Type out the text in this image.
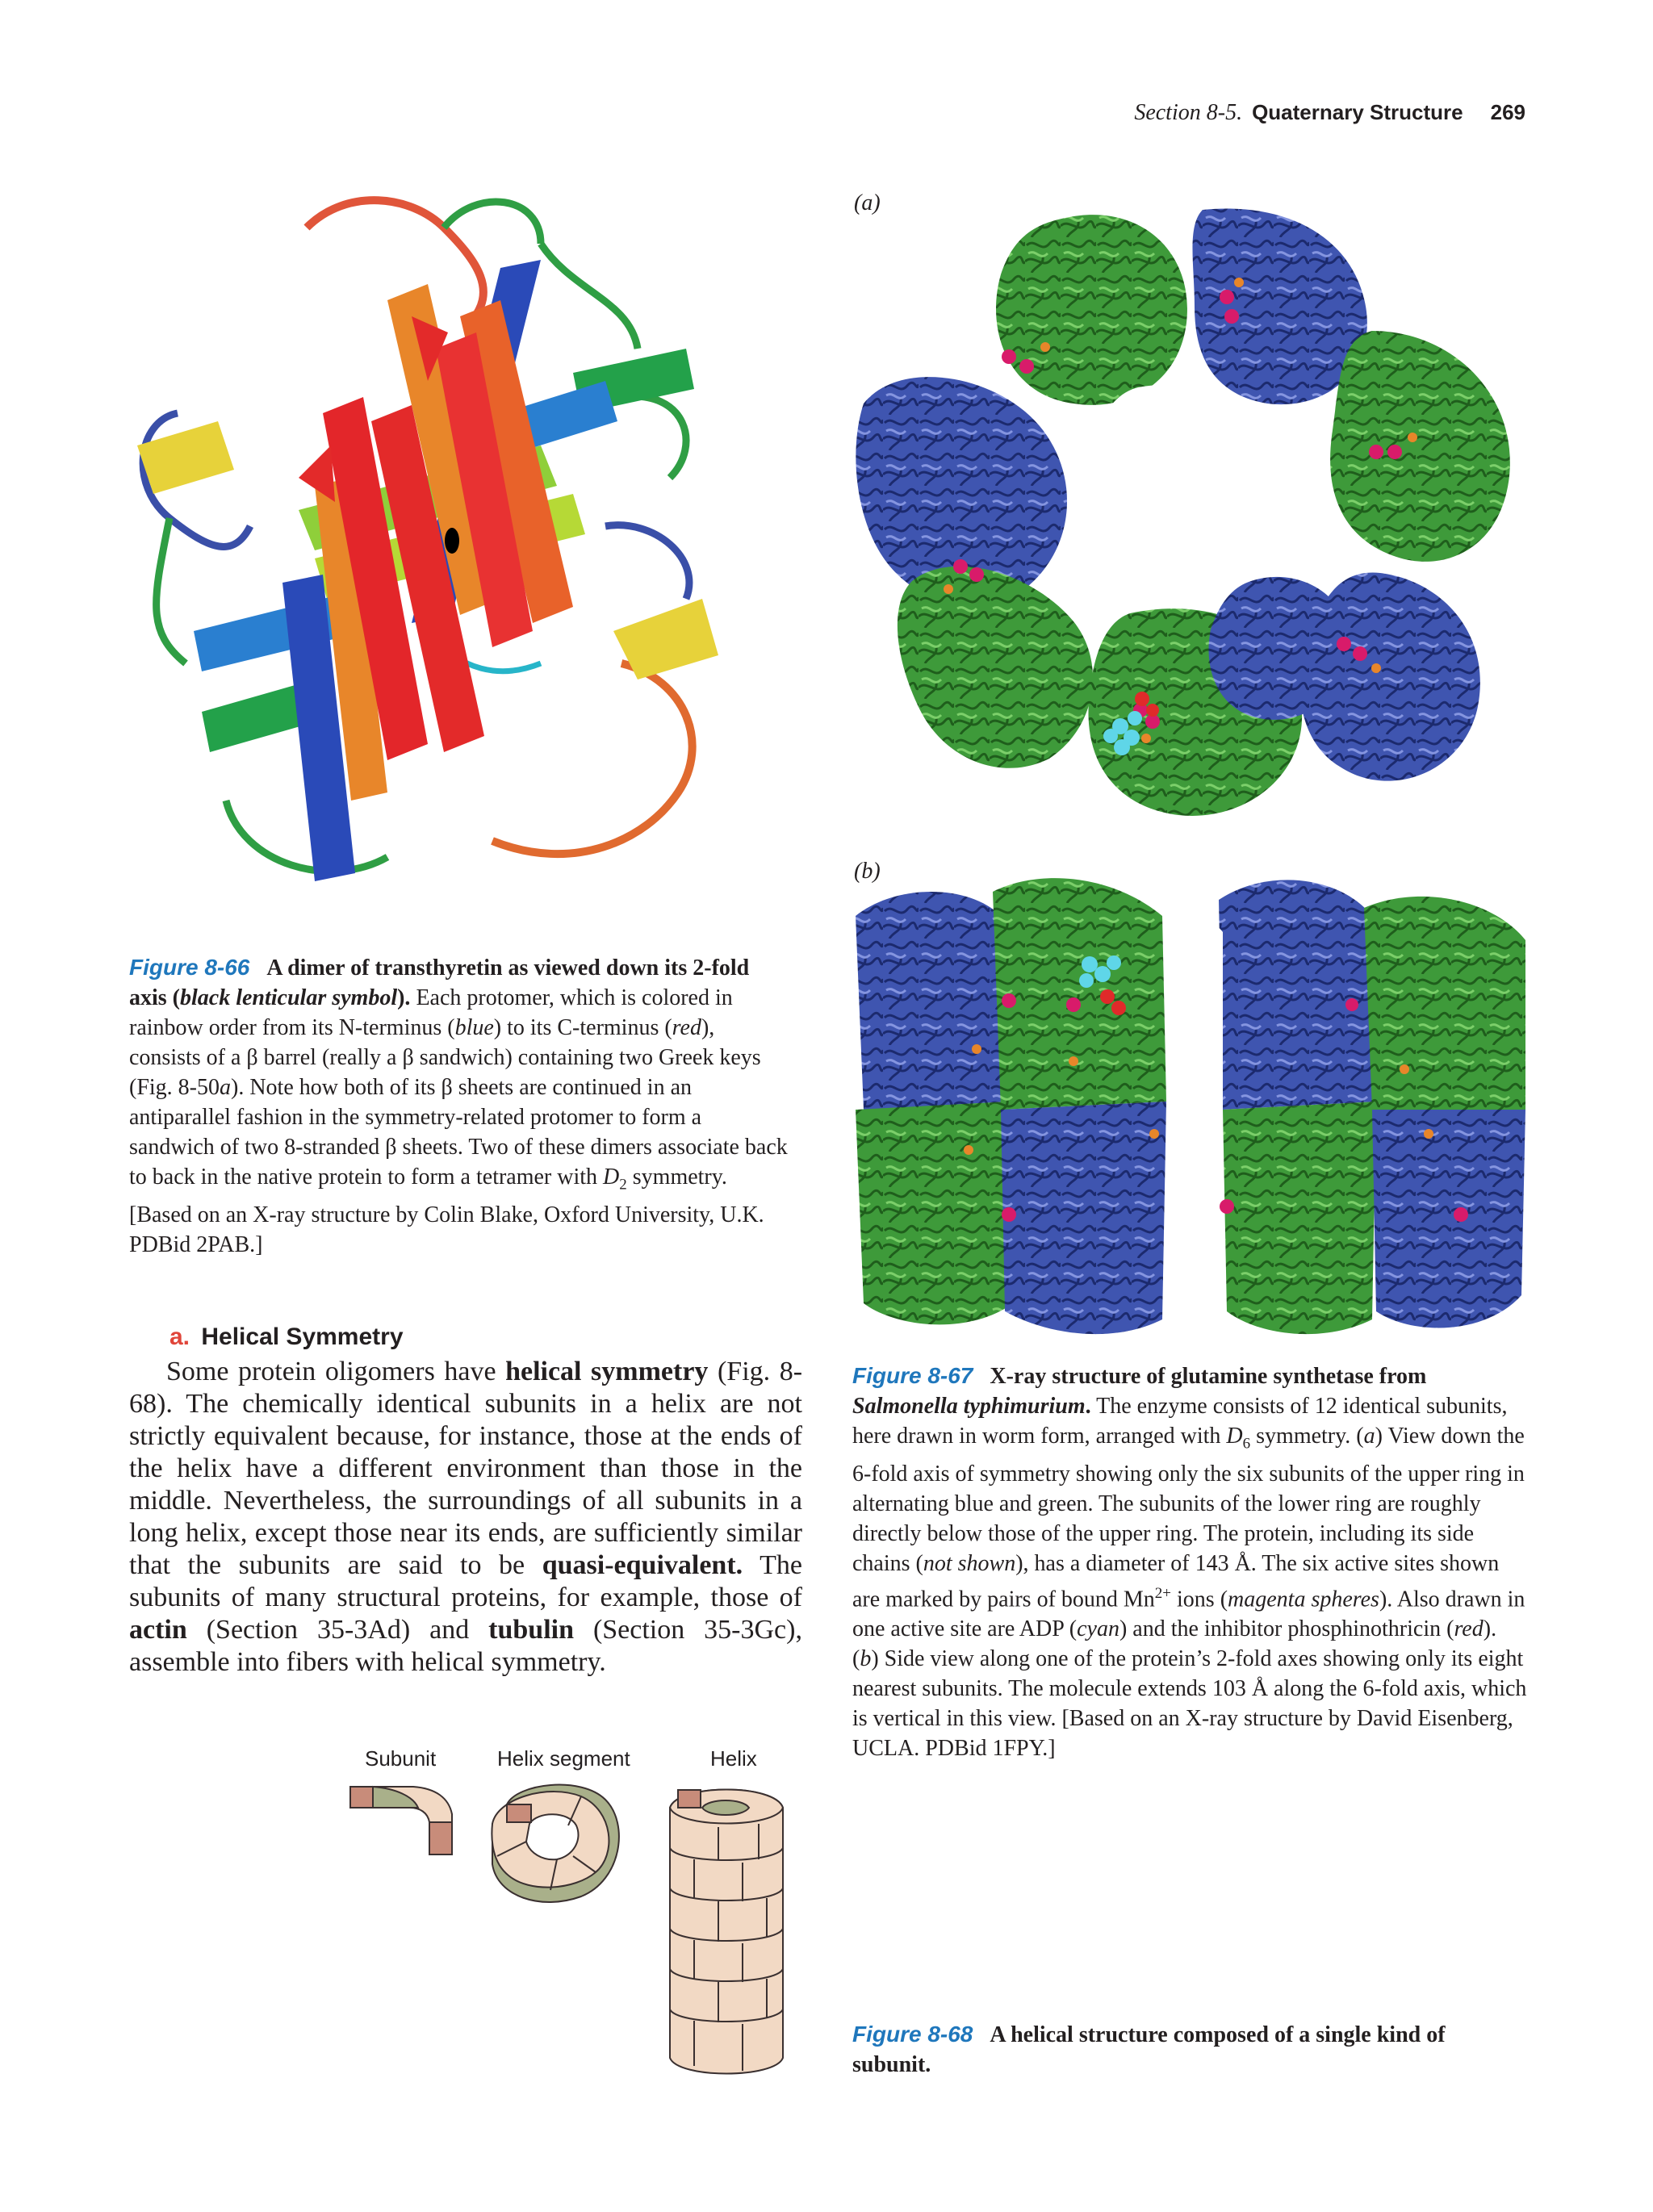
Section 8-5. Quaternary Structure 269
Figure 8-66 A dimer of transthyretin as viewed down its 2-fold axis (black lenticular symbol). Each protomer, which is colored in rainbow order from its N-terminus (blue) to its C-terminus (red), consists of a β barrel (really a β sandwich) containing two Greek keys (Fig. 8-50a). Note how both of its β sheets are continued in an antiparallel fashion in the symmetry-related protomer to form a sandwich of two 8-stranded β sheets. Two of these dimers associate back to back in the native protein to form a tetramer with $D_2$ symmetry. [Based on an X-ray structure by Colin Blake, Oxford University, U.K. PDBid 2PAB.]
(a)
(b)
Figure 8-67 X-ray structure of glutamine synthetase from Salmonella typhimurium. The enzyme consists of 12 identical subunits, here drawn in worm form, arranged with $D_6$ symmetry. (a) View down the 6-fold axis of symmetry showing only the six subunits of the upper ring in alternating blue and green. The subunits of the lower ring are roughly directly below those of the upper ring. The protein, including its side chains (not shown), has a diameter of 143 Å. The six active sites shown are marked by pairs of bound $Mn^{2+}$ ions (magenta spheres). Also drawn in one active site are ADP (cyan) and the inhibitor phosphinothricin (red). (b) Side view along one of the protein’s 2-fold axes showing only its eight nearest subunits. The molecule extends 103 Å along the 6-fold axis, which is vertical in this view. [Based on an X-ray structure by David Eisenberg, UCLA. PDBid 1FPY.]
a. Helical Symmetry
Some protein oligomers have helical symmetry (Fig. 8-68). The chemically identical subunits in a helix are not strictly equivalent because, for instance, those at the ends of the helix have a different environment than those in the middle. Nevertheless, the surroundings of all subunits in a long helix, except those near its ends, are sufficiently similar that the subunits are said to be quasi-equivalent. The subunits of many structural proteins, for example, those of actin (Section 35-3Ad) and tubulin (Section 35-3Gc), assemble into fibers with helical symmetry.
Subunit	Helix segment	Helix
Figure 8-68 A helical structure composed of a single kind of subunit.
